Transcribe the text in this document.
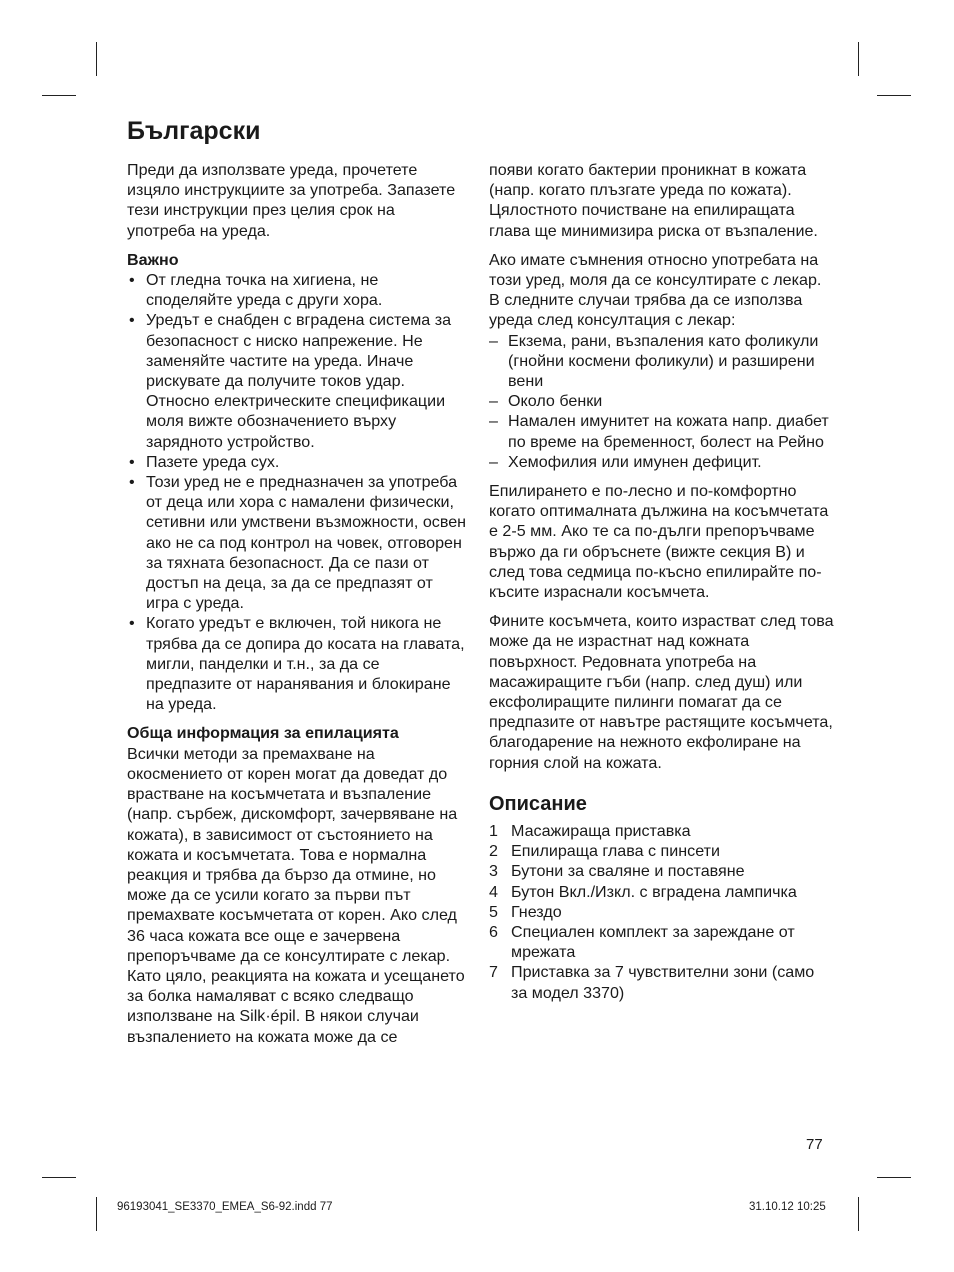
Български

Преди да използвате уреда, прочетете изцяло инструкциите за употреба. Запазете тези инструкции през целия срок на употреба на уреда.

Важно

• От гледна точка на хигиена, не споделяйте уреда с други хора.
• Уредът е снабден с вградена система за безопасност с ниско напрежение. Не заменяйте частите на уреда. Иначе рискувате да получите токов удар. Относно електрическите спецификации моля вижте обозначението върху зарядното устройство.
• Пазете уреда сух.
• Този уред не е предназначен за употреба от деца или хора с намалени физически, сетивни или умствени възможности, освен ако не са под контрол на човек, отговорен за тяхната безопасност. Да се пази от достъп на деца, за да се предпазят от игра с уреда.
• Когато уредът е включен, той никога не трябва да се допира до косата на главата, мигли, панделки и т.н., за да се предпазите от наранявания и блокиране на уреда.

Обща информация за епилацията

Всички методи за премахване на окосмението от корен могат да доведат до врастване на косъмчетата и възпаление (напр. сърбеж, дискомфорт, зачервяване на кожата), в зависимост от състоянието на кожата и косъмчетата. Това е нормална реакция и трябва да бързо да отмине, но може да се усили когато за първи път премахвате косъмчетата от корен. Ако след 36 часа кожата все още е зачервена препоръчваме да се консултирате с лекар. Като цяло, реакцията на кожата и усещането за болка намаляват с всяко следващо използване на Silk·épil. В някои случаи възпалението на кожата може да се

появи когато бактерии проникнат в кожата (напр. когато плъзгате уреда по кожата). Цялостното почистване на епилиращата глава ще минимизира риска от възпаление.

Ако имате съмнения относно употребата на този уред, моля да се консултирате с лекар. В следните случаи трябва да се използва уреда след консултация с лекар:

– Екзема, рани, възпаления като фоликули (гнойни космени фоликули) и разширени вени
– Около бенки
– Намален имунитет на кожата напр. диабет по време на бременност, болест на Рейно
– Хемофилия или имунен дефицит.

Епилирането е по-лесно и по-комфортно когато оптималната дължина на косъмчетата е 2-5 мм. Ако те са по-дълги препоръчваме вържо да ги обръснете (вижте секция B) и след това седмица по-късно епилирайте по-късите израснали косъмчета.

Фините косъмчета, които израстват след това може да не израстнат над кожната повърхност. Редовната употреба на масажиращите гъби (напр. след душ) или ексфолиращите пилинги помагат да се предпазите от навътре растящите косъмчета, благодарение на нежното екфолиране на горния слой на кожата.

Описание
1 Масажираща приставка
2 Епилираща глава с пинсети
3 Бутони за сваляне и поставяне
4 Бутон Вкл./Изкл. с вградена лампичка
5 Гнездо
6 Специален комплект за зареждане от мрежата
7 Приставка за 7 чувствителни зони (само за модел 3370)
77
96193041_SE3370_EMEA_S6-92.indd 77	31.10.12 10:25
